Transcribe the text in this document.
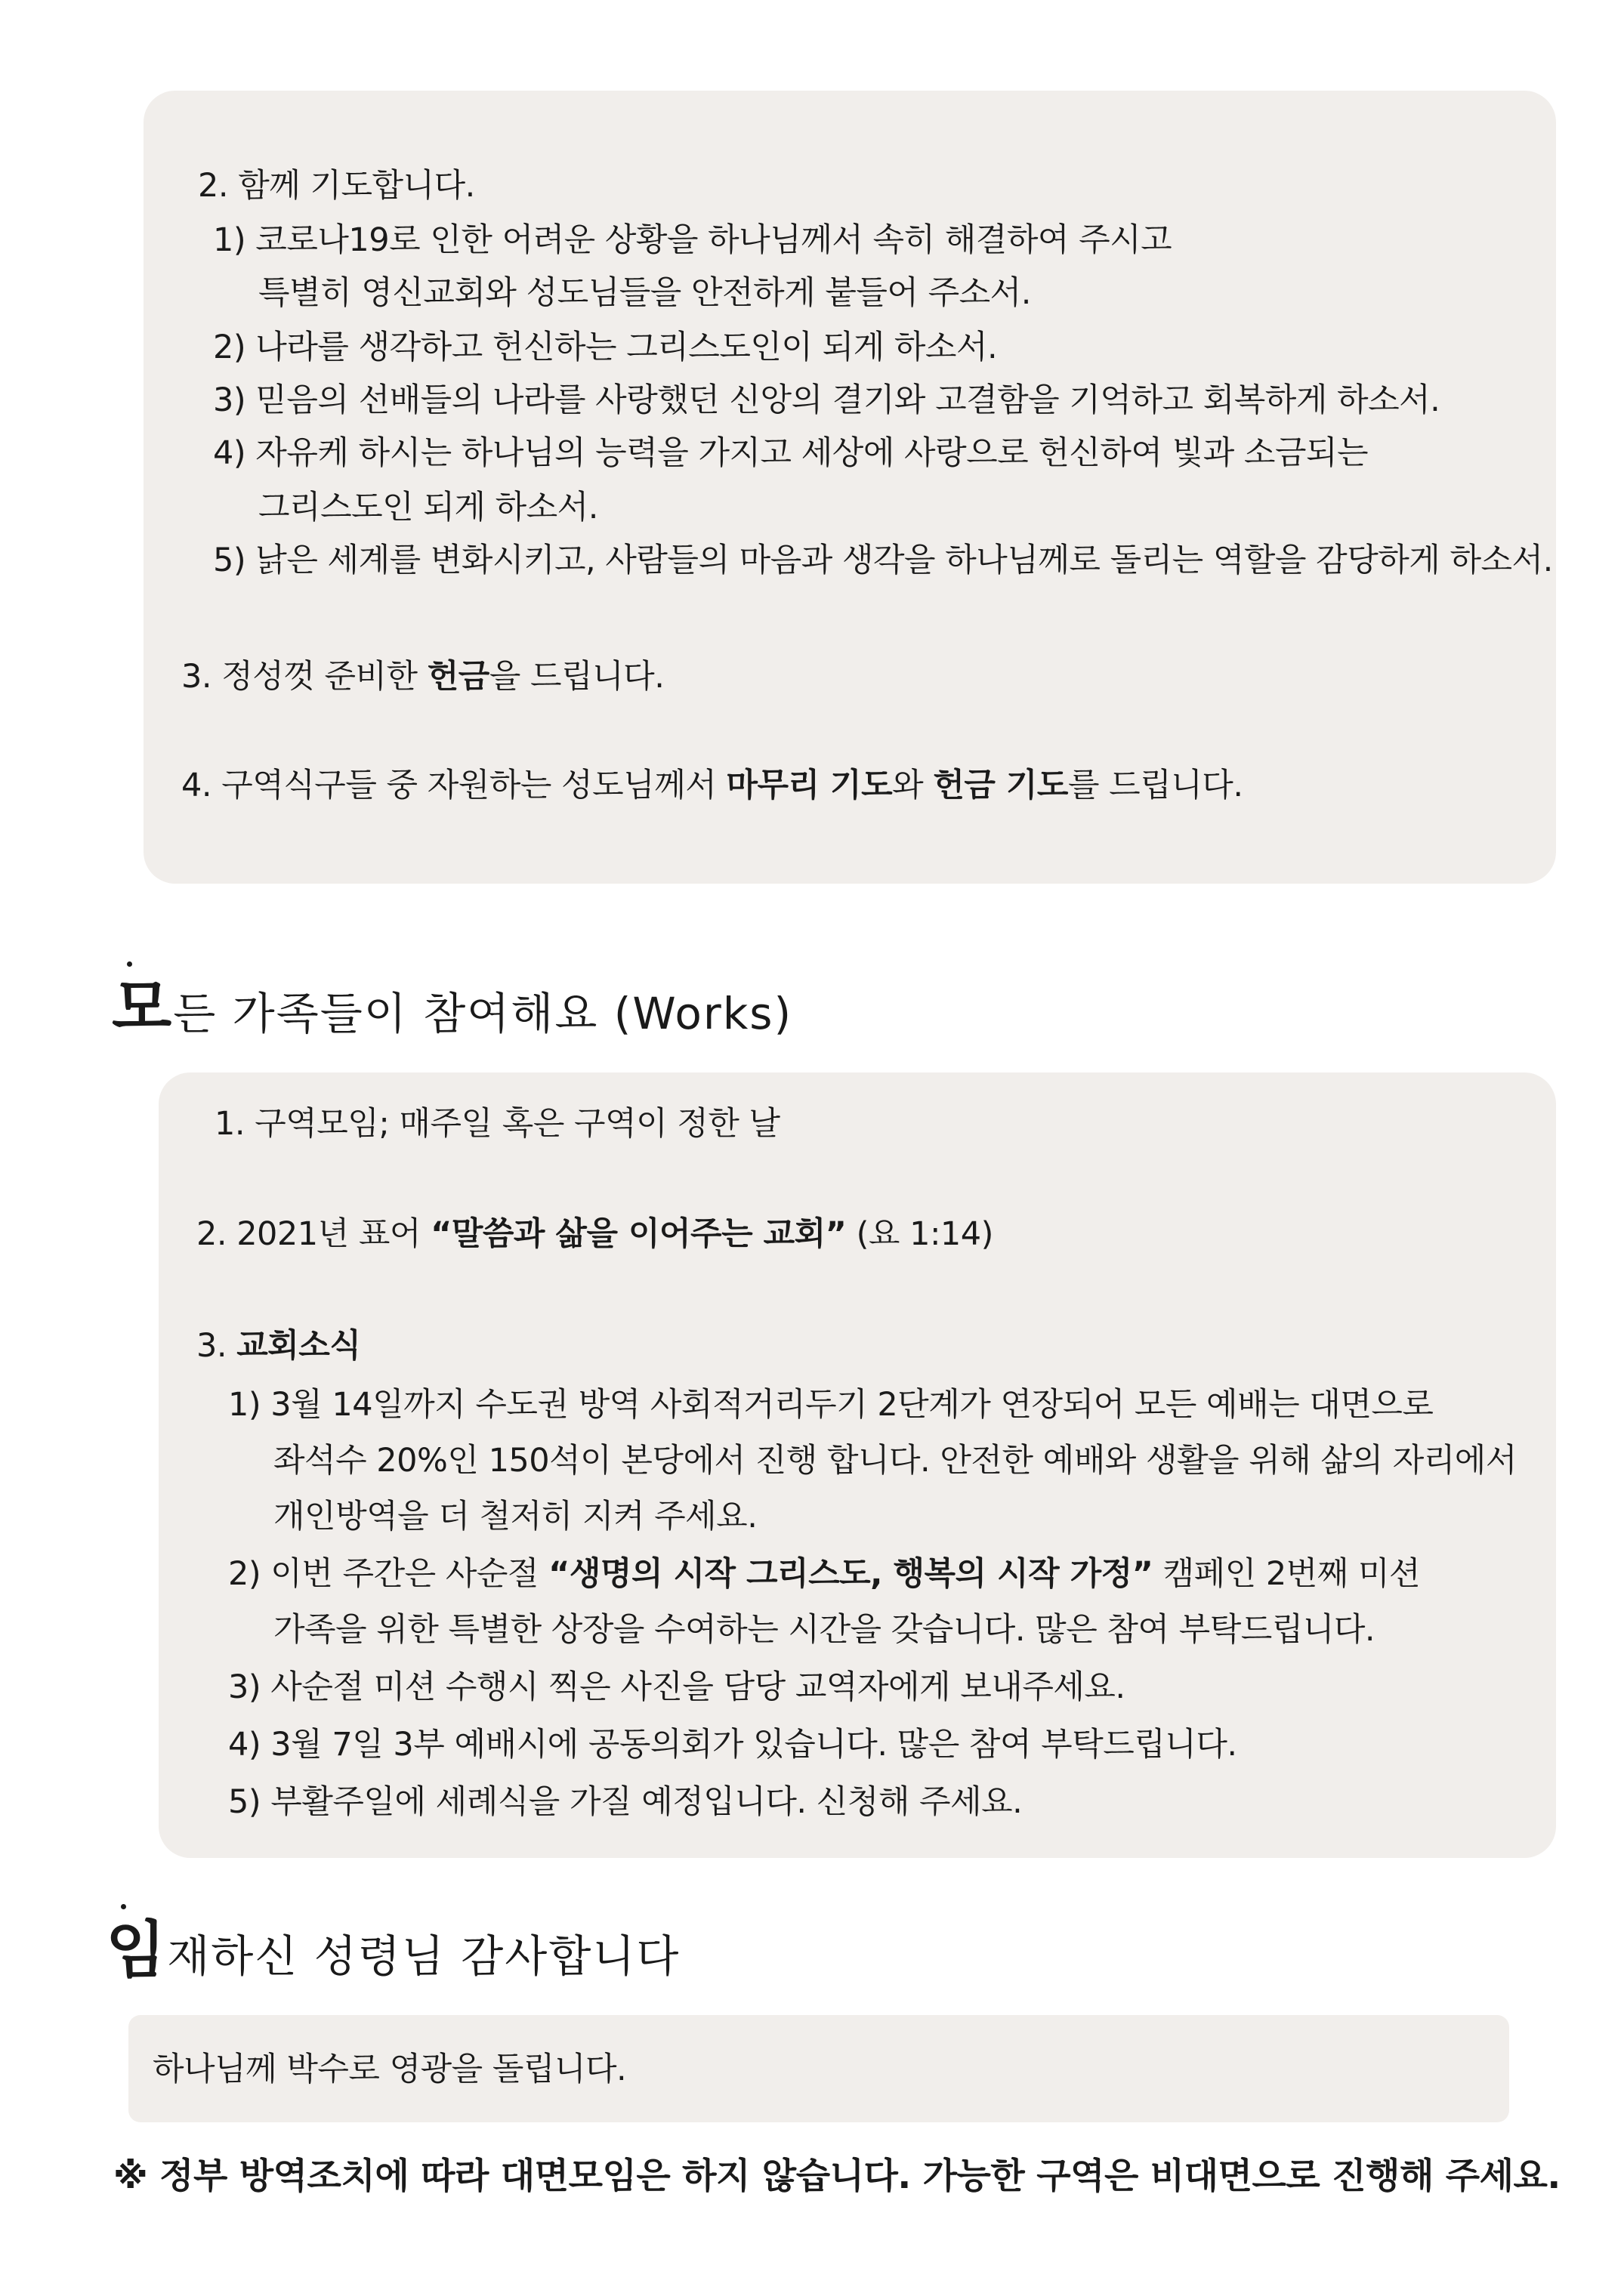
2. 함께 기도합니다.
1) 코로나19로 인한 어려운 상황을 하나님께서 속히 해결하여 주시고
특별히 영신교회와 성도님들을 안전하게 붙들어 주소서.
2) 나라를 생각하고 헌신하는 그리스도인이 되게 하소서.
3) 믿음의 선배들의 나라를 사랑했던 신앙의 결기와 고결함을 기억하고 회복하게 하소서.
4) 자유케 하시는 하나님의 능력을 가지고 세상에 사랑으로 헌신하여 빛과 소금되는
그리스도인 되게 하소서.
5) 낡은 세계를 변화시키고, 사람들의 마음과 생각을 하나님께로 돌리는 역할을 감당하게 하소서.
3. 정성껏 준비한 헌금을 드립니다.
4. 구역식구들 중 자원하는 성도님께서 마무리 기도와 헌금 기도를 드립니다.
모든 가족들이 참여해요 (Works)
1. 구역모임; 매주일 혹은 구역이 정한 날
2. 2021년 표어 “말씀과 삶을 이어주는 교회” (요 1:14)
3. 교회소식
1) 3월 14일까지 수도권 방역 사회적거리두기 2단계가 연장되어 모든 예배는 대면으로
좌석수 20%인 150석이 본당에서 진행 합니다. 안전한 예배와 생활을 위해 삶의 자리에서
개인방역을 더 철저히 지켜 주세요.
2) 이번 주간은 사순절 “생명의 시작 그리스도, 행복의 시작 가정” 캠페인 2번째 미션
가족을 위한 특별한 상장을 수여하는 시간을 갖습니다. 많은 참여 부탁드립니다.
3) 사순절 미션 수행시 찍은 사진을 담당 교역자에게 보내주세요.
4) 3월 7일 3부 예배시에 공동의회가 있습니다. 많은 참여 부탁드립니다.
5) 부활주일에 세례식을 가질 예정입니다. 신청해 주세요.
임재하신 성령님 감사합니다
하나님께 박수로 영광을 돌립니다.
※ 정부 방역조치에 따라 대면모임은 하지 않습니다. 가능한 구역은 비대면으로 진행해 주세요.
